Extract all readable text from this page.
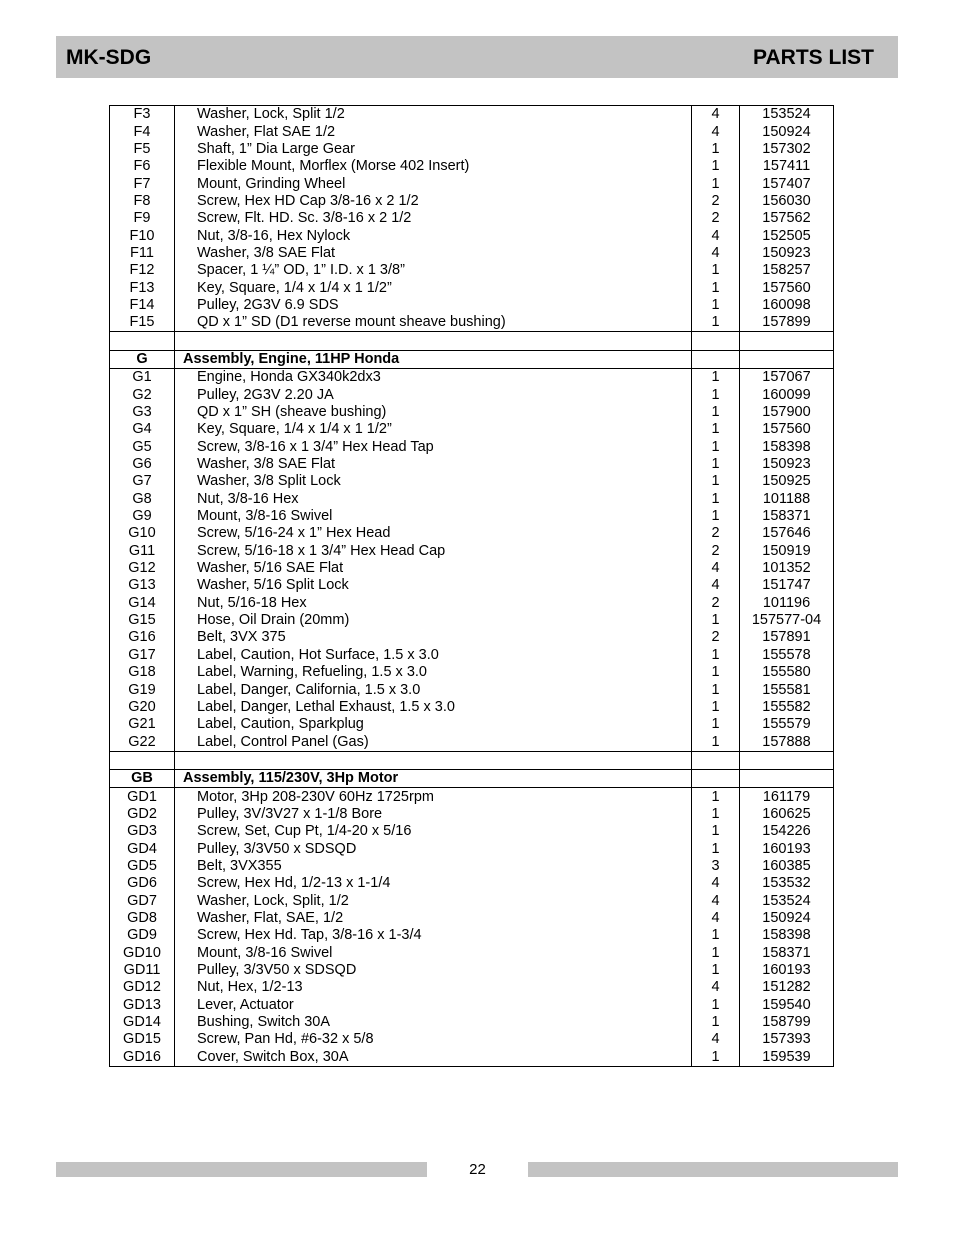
MK-SDG	PARTS LIST
F3	Washer, Lock, Split 1/2	4	153524
F4	Washer, Flat SAE 1/2	4	150924
F5	Shaft, 1” Dia Large Gear	1	157302
F6	Flexible Mount, Morflex (Morse 402 Insert)	1	157411
F7	Mount, Grinding Wheel	1	157407
F8	Screw, Hex HD Cap 3/8-16 x 2 1/2	2	156030
F9	Screw, Flt. HD. Sc. 3/8-16 x 2 1/2	2	157562
F10	Nut, 3/8-16, Hex Nylock	4	152505
F11	Washer, 3/8 SAE Flat	4	150923
F12	Spacer, 1 ¼” OD, 1” I.D. x 1 3/8”	1	158257
F13	Key, Square, 1/4 x 1/4 x 1 1/2”	1	157560
F14	Pulley, 2G3V 6.9 SDS	1	160098
F15	QD x 1” SD (D1 reverse mount sheave bushing)	1	157899

G	Assembly, Engine, 11HP Honda		
G1	Engine, Honda GX340k2dx3	1	157067
G2	Pulley, 2G3V 2.20 JA	1	160099
G3	QD x 1” SH (sheave bushing)	1	157900
G4	Key, Square, 1/4 x 1/4 x 1 1/2”	1	157560
G5	Screw, 3/8-16 x 1 3/4” Hex Head Tap	1	158398
G6	Washer, 3/8 SAE Flat	1	150923
G7	Washer, 3/8 Split Lock	1	150925
G8	Nut, 3/8-16 Hex	1	101188
G9	Mount, 3/8-16 Swivel	1	158371
G10	Screw, 5/16-24 x 1” Hex Head	2	157646
G11	Screw, 5/16-18 x 1 3/4” Hex Head Cap	2	150919
G12	Washer, 5/16 SAE Flat	4	101352
G13	Washer, 5/16 Split Lock	4	151747
G14	Nut, 5/16-18 Hex	2	101196
G15	Hose, Oil Drain (20mm)	1	157577-04
G16	Belt, 3VX 375	2	157891
G17	Label, Caution, Hot Surface, 1.5 x 3.0	1	155578
G18	Label, Warning, Refueling, 1.5 x 3.0	1	155580
G19	Label, Danger, California, 1.5 x 3.0	1	155581
G20	Label, Danger, Lethal Exhaust, 1.5 x 3.0	1	155582
G21	Label, Caution, Sparkplug	1	155579
G22	Label, Control Panel (Gas)	1	157888

GB	Assembly, 115/230V, 3Hp Motor		
GD1	Motor, 3Hp 208-230V 60Hz 1725rpm	1	161179
GD2	Pulley, 3V/3V27 x 1-1/8 Bore	1	160625
GD3	Screw, Set, Cup Pt, 1/4-20 x 5/16	1	154226
GD4	Pulley, 3/3V50 x SDSQD	1	160193
GD5	Belt, 3VX355	3	160385
GD6	Screw, Hex Hd, 1/2-13 x 1-1/4	4	153532
GD7	Washer, Lock, Split, 1/2	4	153524
GD8	Washer, Flat, SAE, 1/2	4	150924
GD9	Screw, Hex Hd. Tap, 3/8-16 x 1-3/4	1	158398
GD10	Mount, 3/8-16 Swivel	1	158371
GD11	Pulley, 3/3V50 x SDSQD	1	160193
GD12	Nut, Hex, 1/2-13	4	151282
GD13	Lever, Actuator	1	159540
GD14	Bushing, Switch 30A	1	158799
GD15	Screw, Pan Hd, #6-32 x 5/8	4	157393
GD16	Cover, Switch Box, 30A	1	159539
22
